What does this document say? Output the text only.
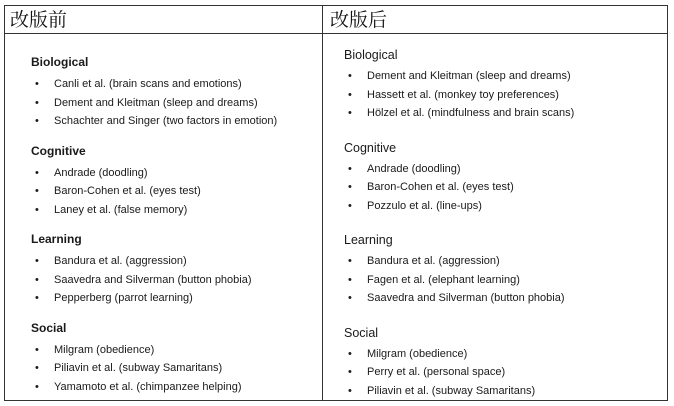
改版前	改版后
Biological
• Canli et al. (brain scans and emotions)
• Dement and Kleitman (sleep and dreams)
• Schachter and Singer (two factors in emotion)
Cognitive
• Andrade (doodling)
• Baron-Cohen et al. (eyes test)
• Laney et al. (false memory)
Learning
• Bandura et al. (aggression)
• Saavedra and Silverman (button phobia)
• Pepperberg (parrot learning)
Social
• Milgram (obedience)
• Piliavin et al. (subway Samaritans)
• Yamamoto et al. (chimpanzee helping)
Biological
• Dement and Kleitman (sleep and dreams)
• Hassett et al. (monkey toy preferences)
• Hölzel et al. (mindfulness and brain scans)
Cognitive
• Andrade (doodling)
• Baron-Cohen et al. (eyes test)
• Pozzulo et al. (line-ups)
Learning
• Bandura et al. (aggression)
• Fagen et al. (elephant learning)
• Saavedra and Silverman (button phobia)
Social
• Milgram (obedience)
• Perry et al. (personal space)
• Piliavin et al. (subway Samaritans)
